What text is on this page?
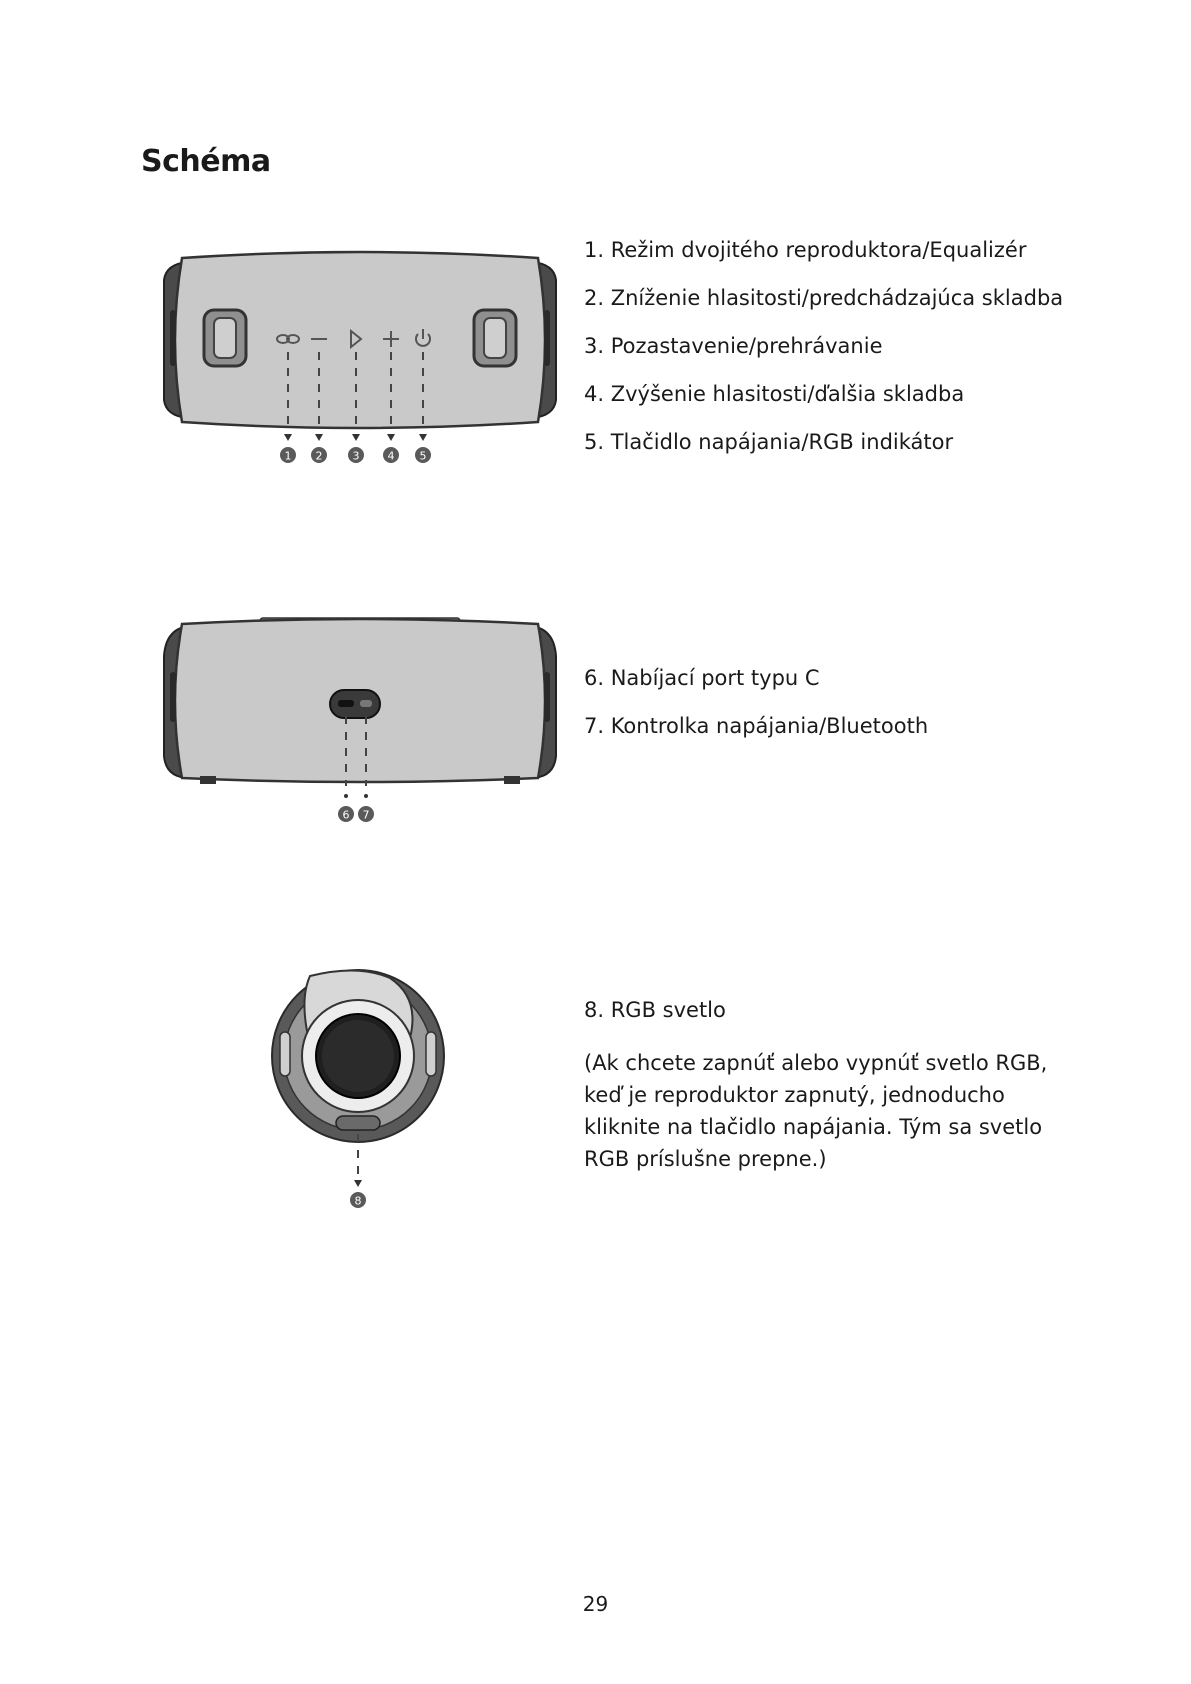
Schéma
1 2	3	4 5
1. Režim dvojitého reproduktora/Equalizér
2. Zníženie hlasitosti/predchádzajúca skladba
3. Pozastavenie/prehrávanie
4. Zvýšenie hlasitosti/ďalšia skladba
5. Tlačidlo napájania/RGB indikátor
6 7
6. Nabíjací port typu C
7. Kontrolka napájania/Bluetooth
8
8. RGB svetlo

(Ak chcete zapnúť alebo vypnúť svetlo RGB, keď je reproduktor zapnutý, jednoducho kliknite na tlačidlo napájania. Tým sa svetlo RGB príslušne prepne.)

29
